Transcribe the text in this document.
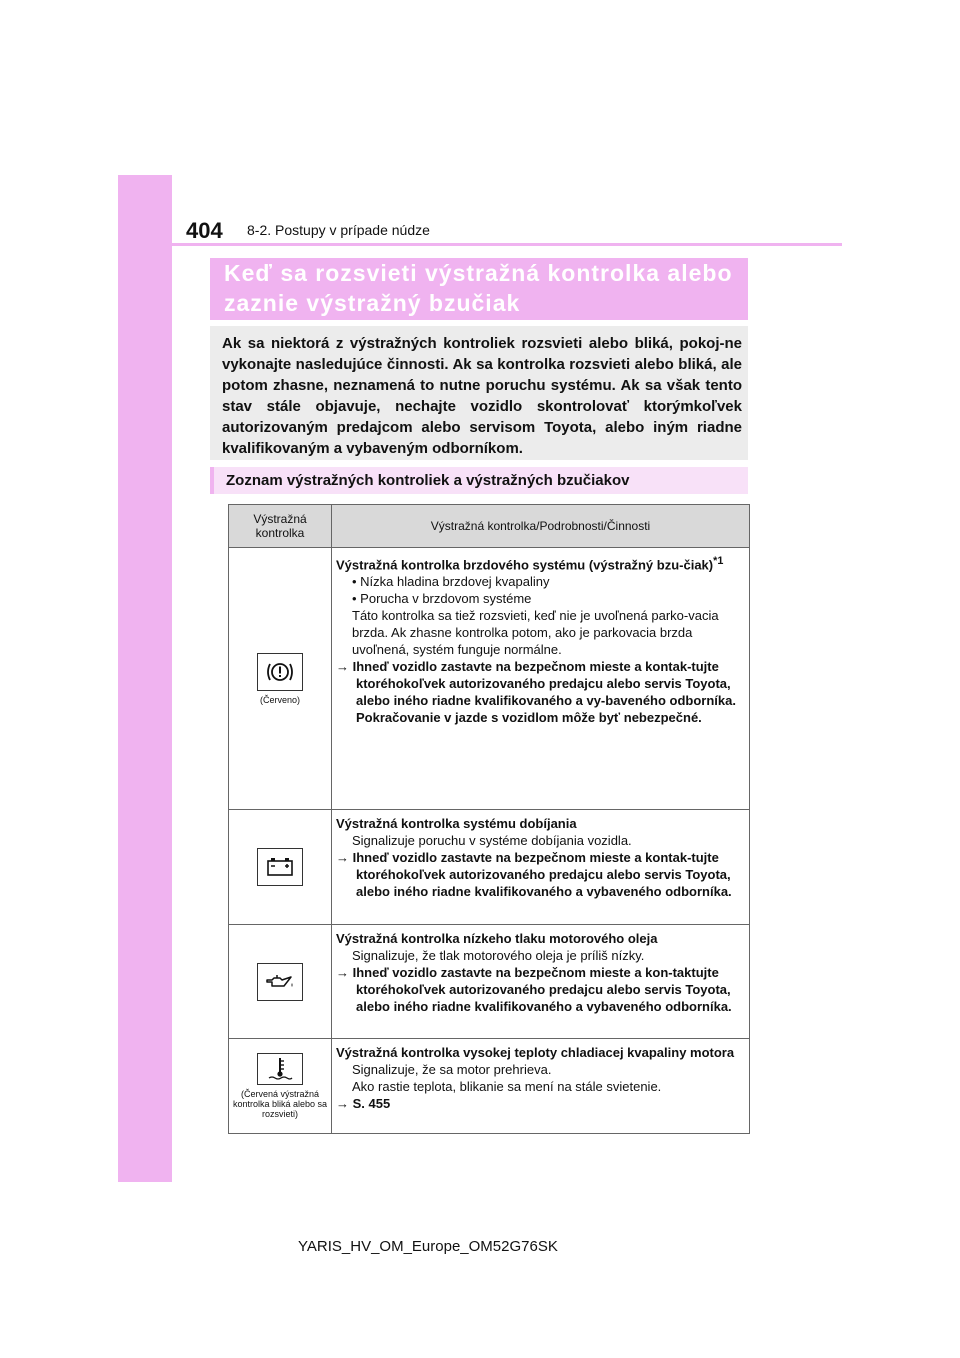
404 8-2. Postupy v prípade núdze
Keď sa rozsvieti výstražná kontrolka alebo
zaznie výstražný bzučiak
Ak sa niektorá z výstražných kontroliek rozsvieti alebo bliká, pokoj-ne vykonajte nasledujúce činnosti. Ak sa kontrolka rozsvieti alebo bliká, ale potom zhasne, neznamená to nutne poruchu systému. Ak sa však tento stav stále objavuje, nechajte vozidlo skontrolovať ktorýmkoľvek autorizovaným predajcom alebo servisom Toyota, alebo iným riadne kvalifikovaným a vybaveným odborníkom.
Zoznam výstražných kontroliek a výstražných bzučiakov
Výstražná kontrolka	Výstražná kontrolka/Podrobnosti/Činnosti

(Červeno)	Výstražná kontrolka brzdového systému (výstražný bzu-čiak)$^{*1}$
• Nízka hladina brzdovej kvapaliny
• Porucha v brzdovom systéme
Táto kontrolka sa tiež rozsvieti, keď nie je uvoľnená parko-vacia brzda. Ak zhasne kontrolka potom, ako je parkovacia brzda uvoľnená, systém funguje normálne.
→ Ihneď vozidlo zastavte na bezpečnom mieste a kontak-tujte ktoréhokoľvek autorizovaného predajcu alebo servis Toyota, alebo iného riadne kvalifikovaného a vy-baveného odborníka. Pokračovanie v jazde s vozidlom môže byť nebezpečné.

Výstražná kontrolka systému dobíjania
Signalizuje poruchu v systéme dobíjania vozidla.
→ Ihneď vozidlo zastavte na bezpečnom mieste a kontak-tujte ktoréhokoľvek autorizovaného predajcu alebo servis Toyota, alebo iného riadne kvalifikovaného a vybaveného odborníka.

Výstražná kontrolka nízkeho tlaku motorového oleja
Signalizuje, že tlak motorového oleja je príliš nízky.
→ Ihneď vozidlo zastavte na bezpečnom mieste a kon-taktujte ktoréhokoľvek autorizovaného predajcu alebo servis Toyota, alebo iného riadne kvalifikovaného a vybaveného odborníka.

(Červená výstražná kontrolka bliká alebo sa rozsvieti)	Výstražná kontrolka vysokej teploty chladiacej kvapaliny motora
Signalizuje, že sa motor prehrieva.
Ako rastie teplota, blikanie sa mení na stále svietenie.
→ S. 455
YARIS_HV_OM_Europe_OM52G76SK
